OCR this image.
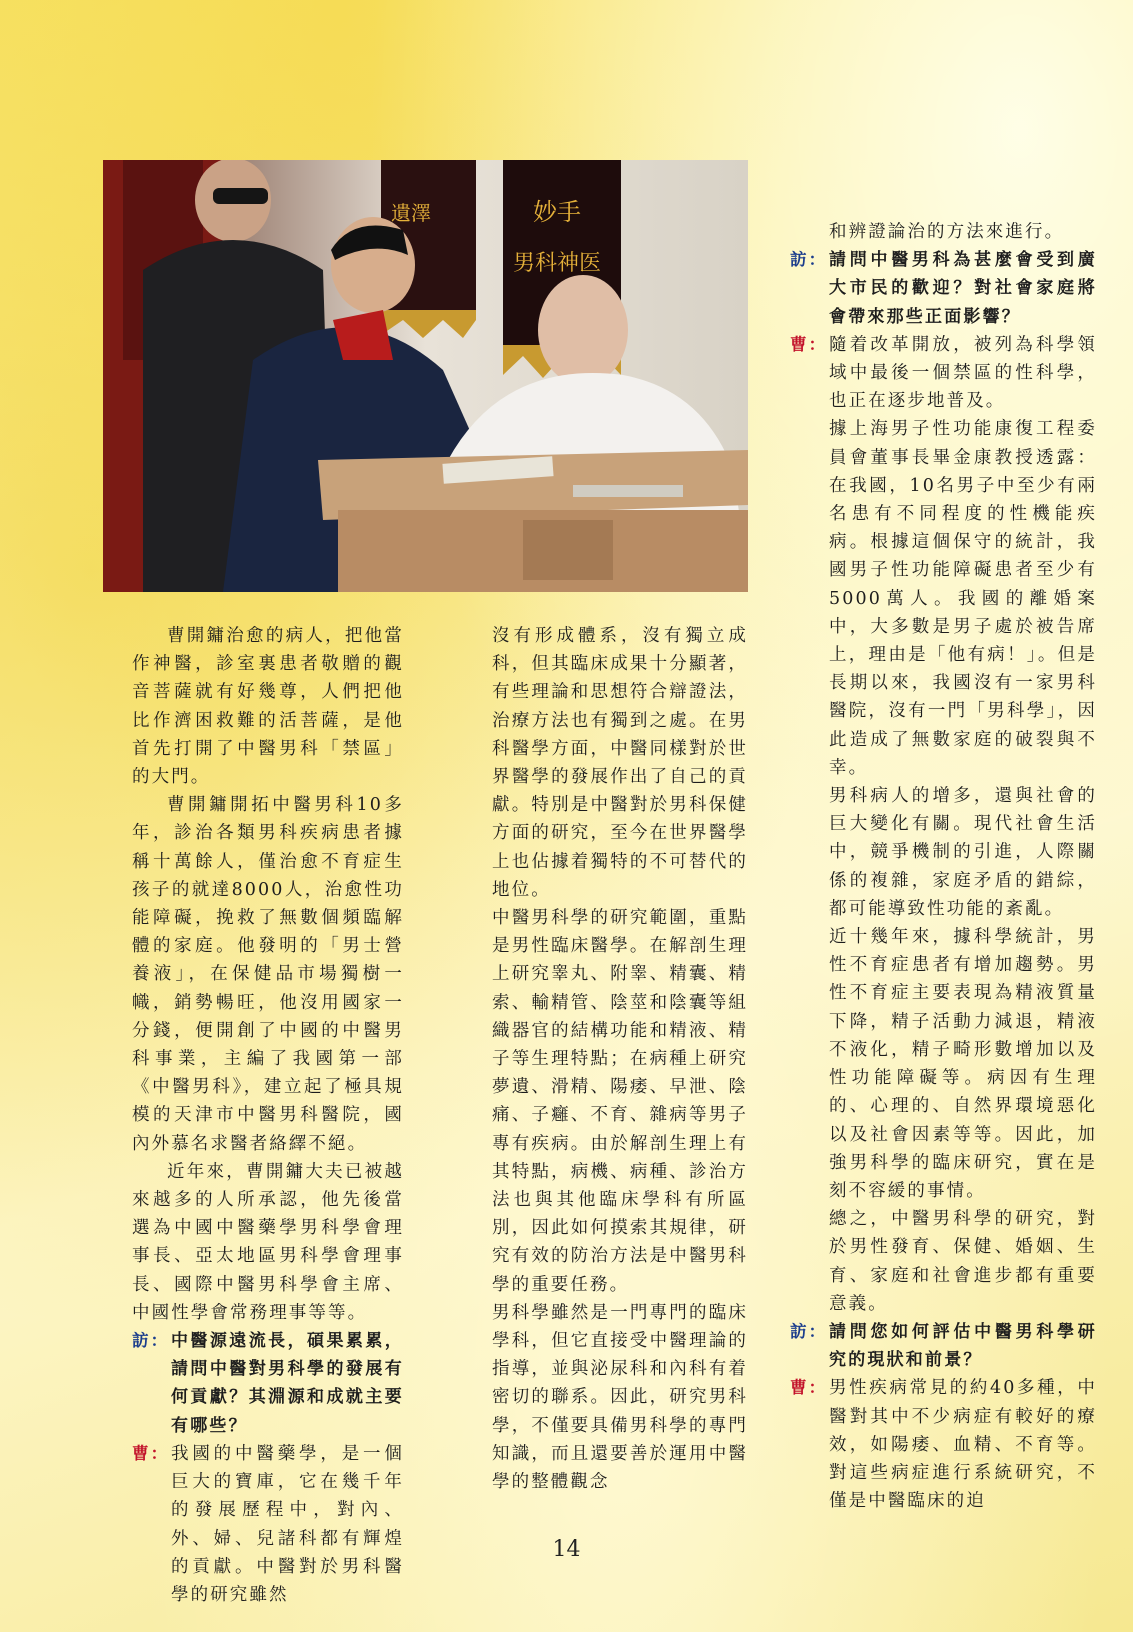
妙手
男科神医
遺澤

曹開鏞治愈的病人，把他當作神醫，診室裏患者敬贈的觀音菩薩就有好幾尊，人們把他比作濟困救難的活菩薩，是他首先打開了中醫男科「禁區」的大門。

曹開鏞開拓中醫男科10多年，診治各類男科疾病患者據稱十萬餘人，僅治愈不育症生孩子的就達8000人，治愈性功能障礙，挽救了無數個頻臨解體的家庭。他發明的「男士營養液」，在保健品市場獨樹一幟，銷勢暢旺，他沒用國家一分錢，便開創了中國的中醫男科事業，主編了我國第一部《中醫男科》，建立起了極具規模的天津市中醫男科醫院，國內外慕名求醫者絡繹不絕。

近年來，曹開鏞大夫已被越來越多的人所承認，他先後當選為中國中醫藥學男科學會理事長、亞太地區男科學會理事長、國際中醫男科學會主席、中國性學會常務理事等等。

訪： 中醫源遠流長，碩果累累，請問中醫對男科學的發展有何貢獻？其淵源和成就主要有哪些？
曹： 我國的中醫藥學，是一個巨大的寶庫，它在幾千年的發展歷程中，對內、外、婦、兒諸科都有輝煌的貢獻。中醫對於男科醫學的研究雖然

沒有形成體系，沒有獨立成科，但其臨床成果十分顯著，有些理論和思想符合辯證法，治療方法也有獨到之處。在男科醫學方面，中醫同樣對於世界醫學的發展作出了自己的貢獻。特別是中醫對於男科保健方面的研究，至今在世界醫學上也佔據着獨特的不可替代的地位。

中醫男科學的研究範圍，重點是男性臨床醫學。在解剖生理上研究睾丸、附睾、精囊、精索、輸精管、陰莖和陰囊等組織器官的結構功能和精液、精子等生理特點；在病種上研究夢遺、滑精、陽痿、早泄、陰痛、子癰、不育、雜病等男子專有疾病。由於解剖生理上有其特點，病機、病種、診治方法也與其他臨床學科有所區別，因此如何摸索其規律，研究有效的防治方法是中醫男科學的重要任務。

男科學雖然是一門專門的臨床學科，但它直接受中醫理論的指導，並與泌尿科和內科有着密切的聯系。因此，研究男科學，不僅要具備男科學的專門知識，而且還要善於運用中醫學的整體觀念

和辨證論治的方法來進行。

訪： 請問中醫男科為甚麼會受到廣大市民的歡迎？對社會家庭將會帶來那些正面影響？
曹： 隨着改革開放，被列為科學領域中最後一個禁區的性科學，也正在逐步地普及。

據上海男子性功能康復工程委員會董事長畢金康教授透露：在我國，10名男子中至少有兩名患有不同程度的性機能疾病。根據這個保守的統計，我國男子性功能障礙患者至少有5000萬人。我國的離婚案中，大多數是男子處於被告席上，理由是「他有病！」。但是長期以來，我國沒有一家男科醫院，沒有一門「男科學」，因此造成了無數家庭的破裂與不幸。

男科病人的增多，還與社會的巨大變化有關。現代社會生活中，競爭機制的引進，人際關係的複雜，家庭矛盾的錯綜，都可能導致性功能的紊亂。

近十幾年來，據科學統計，男性不育症患者有增加趨勢。男性不育症主要表現為精液質量下降，精子活動力減退，精液不液化，精子畸形數增加以及性功能障礙等。病因有生理的、心理的、自然界環境惡化以及社會因素等等。因此，加強男科學的臨床研究，實在是刻不容緩的事情。

總之，中醫男科學的研究，對於男性發育、保健、婚姻、生育、家庭和社會進步都有重要意義。

訪： 請問您如何評估中醫男科學研究的現狀和前景？
曹： 男性疾病常見的約40多種，中醫對其中不少病症有較好的療效，如陽痿、血精、不育等。對這些病症進行系統研究，不僅是中醫臨床的迫
14
